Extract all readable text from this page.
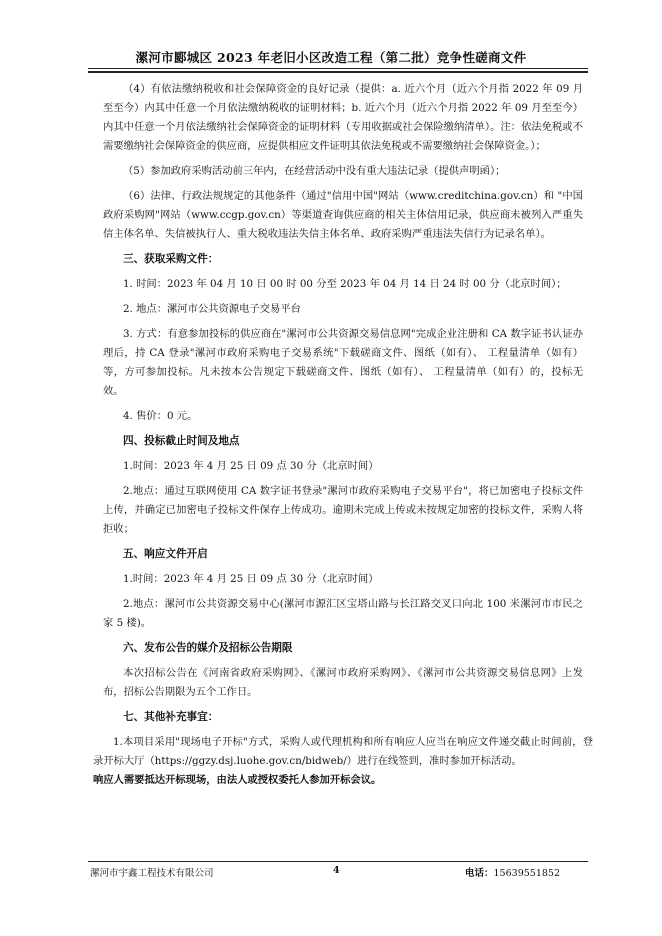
漯河市郾城区 2023 年老旧小区改造工程（第二批）竞争性磋商文件

（4）有依法缴纳税收和社会保障资金的良好记录（提供：a. 近六个月（近六个月指 2022 年 09 月至至今）内其中任意一个月依法缴纳税收的证明材料；b. 近六个月（近六个月指 2022 年 09 月至至今）内其中任意一个月依法缴纳社会保障资金的证明材料（专用收据或社会保险缴纳清单）。注：依法免税或不需要缴纳社会保障资金的供应商，应提供相应文件证明其依法免税或不需要缴纳社会保障资金。）；

（5）参加政府采购活动前三年内，在经营活动中没有重大违法记录（提供声明函）；

（6）法律、行政法规规定的其他条件（通过"信用中国"网站（www.creditchina.gov.cn）和 "中国政府采购网"网站（www.ccgp.gov.cn）等渠道查询供应商的相关主体信用记录，供应商未被列入严重失信主体名单、失信被执行人、重大税收违法失信主体名单、政府采购严重违法失信行为记录名单）。

三、获取采购文件：

1. 时间：2023 年 04 月 10 日 00 时 00 分至 2023 年 04 月 14 日 24 时 00 分（北京时间）；

2. 地点：漯河市公共资源电子交易平台

3. 方式：有意参加投标的供应商在"漯河市公共资源交易信息网"完成企业注册和 CA 数字证书认证办理后，持 CA 登录"漯河市政府采购电子交易系统"下载磋商文件、图纸（如有）、 工程量清单（如有）等，方可参加投标。凡未按本公告规定下载磋商文件、图纸（如有）、 工程量清单（如有）的，投标无效。

4. 售价：0 元。

四、投标截止时间及地点

1.时间：2023 年 4 月 25 日 09 点 30 分（北京时间）

2.地点：通过互联网使用 CA 数字证书登录"漯河市政府采购电子交易平台"，将已加密电子投标文件上传，并确定已加密电子投标文件保存上传成功。逾期未完成上传或未按规定加密的投标文件，采购人将拒收；

五、响应文件开启

1.时间：2023 年 4 月 25 日 09 点 30 分（北京时间）

2.地点：漯河市公共资源交易中心(漯河市源汇区宝塔山路与长江路交叉口向北 100 米漯河市市民之家 5 楼)。

六、发布公告的媒介及招标公告期限

本次招标公告在《河南省政府采购网》、《漯河市政府采购网》、《漯河市公共资源交易信息网》上发布，招标公告期限为五个工作日。

七、其他补充事宜：

1.本项目采用"现场电子开标"方式，采购人或代理机构和所有响应人应当在响应文件递交截止时间前，登录开标大厅（https://ggzy.dsj.luohe.gov.cn/bidweb/）进行在线签到，准时参加开标活动。

响应人需要抵达开标现场，由法人或授权委托人参加开标会议。

漯河市宇鑫工程技术有限公司	4	电话：15639551852
